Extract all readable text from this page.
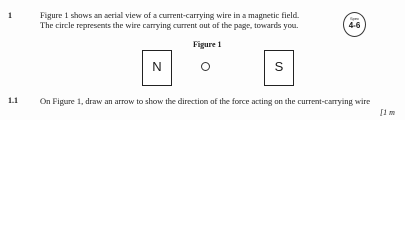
1	Figure 1 shows an aerial view of a current-carrying wire in a magnetic field.
The circle represents the wire carrying current out of the page, towards you.
Spec
4-6
Figure 1
N	S
1.1	On Figure 1, draw an arrow to show the direction of the force acting on the current-carrying wire
[1 m
